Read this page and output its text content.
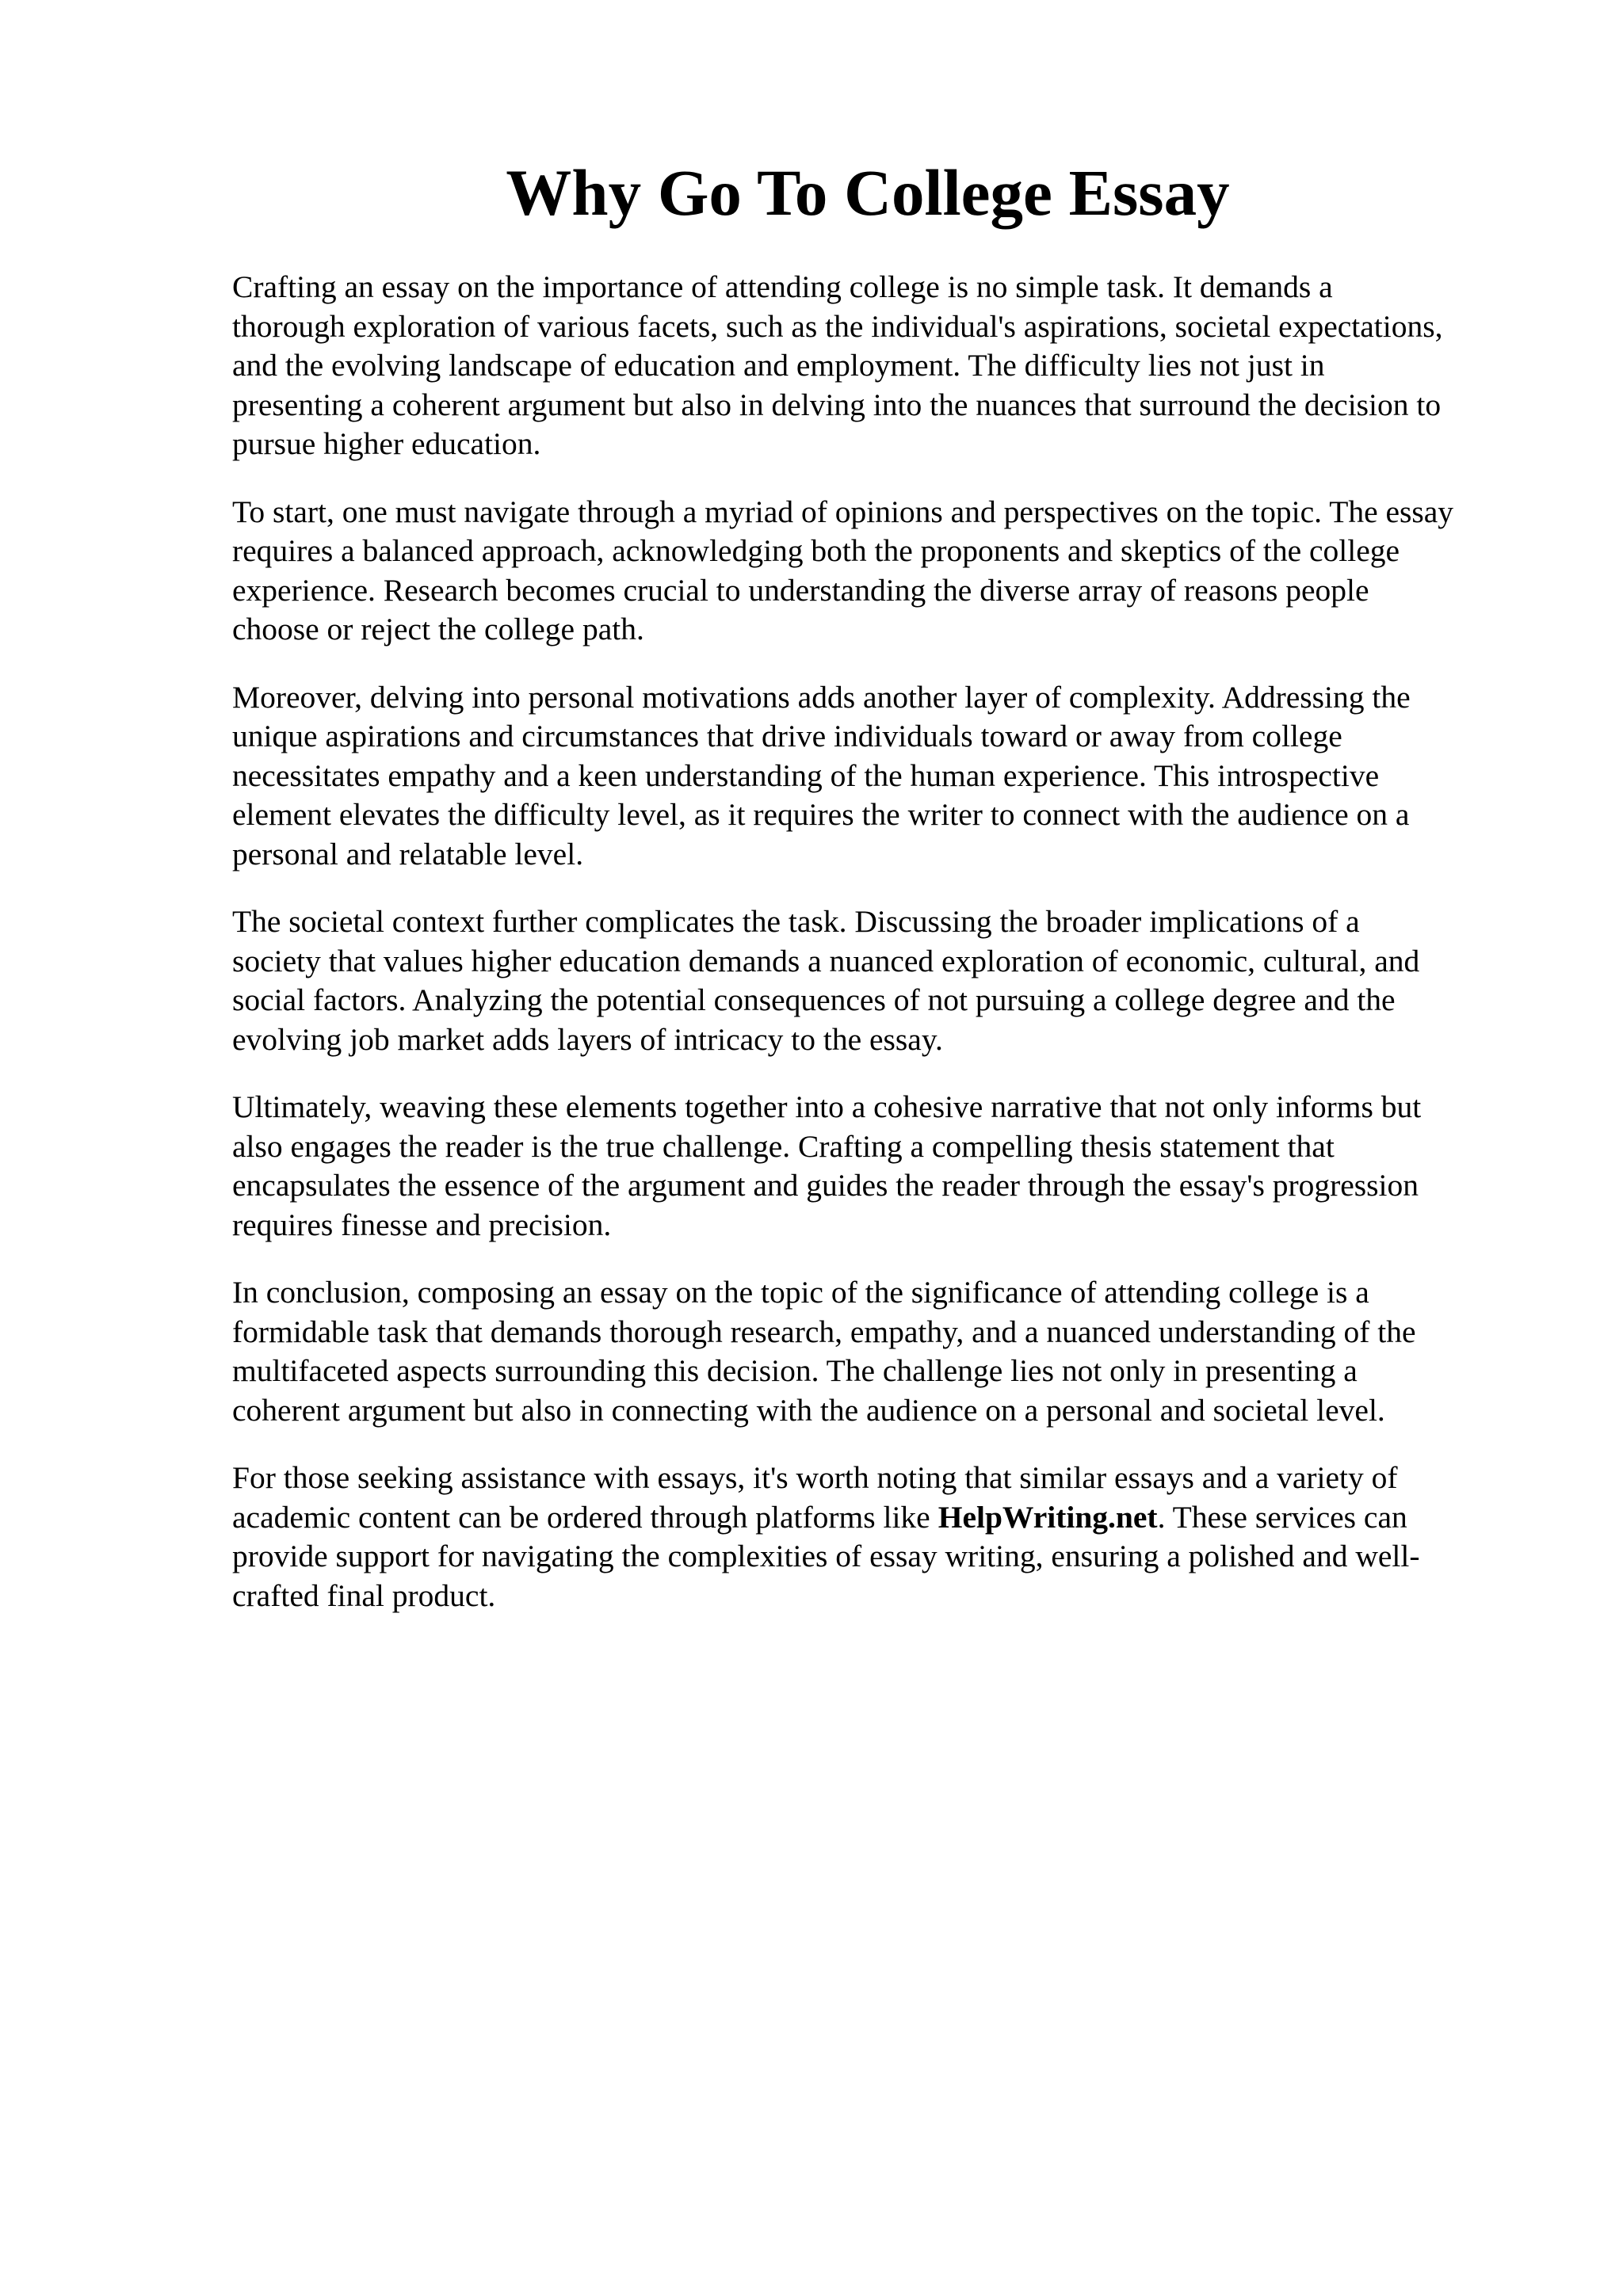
Why Go To College Essay

Crafting an essay on the importance of attending college is no simple task. It demands a
thorough exploration of various facets, such as the individual's aspirations, societal expectations,
and the evolving landscape of education and employment. The difficulty lies not just in
presenting a coherent argument but also in delving into the nuances that surround the decision to
pursue higher education.

To start, one must navigate through a myriad of opinions and perspectives on the topic. The essay
requires a balanced approach, acknowledging both the proponents and skeptics of the college
experience. Research becomes crucial to understanding the diverse array of reasons people
choose or reject the college path.

Moreover, delving into personal motivations adds another layer of complexity. Addressing the
unique aspirations and circumstances that drive individuals toward or away from college
necessitates empathy and a keen understanding of the human experience. This introspective
element elevates the difficulty level, as it requires the writer to connect with the audience on a
personal and relatable level.

The societal context further complicates the task. Discussing the broader implications of a
society that values higher education demands a nuanced exploration of economic, cultural, and
social factors. Analyzing the potential consequences of not pursuing a college degree and the
evolving job market adds layers of intricacy to the essay.

Ultimately, weaving these elements together into a cohesive narrative that not only informs but
also engages the reader is the true challenge. Crafting a compelling thesis statement that
encapsulates the essence of the argument and guides the reader through the essay's progression
requires finesse and precision.

In conclusion, composing an essay on the topic of the significance of attending college is a
formidable task that demands thorough research, empathy, and a nuanced understanding of the
multifaceted aspects surrounding this decision. The challenge lies not only in presenting a
coherent argument but also in connecting with the audience on a personal and societal level.

For those seeking assistance with essays, it's worth noting that similar essays and a variety of
academic content can be ordered through platforms like HelpWriting.net. These services can
provide support for navigating the complexities of essay writing, ensuring a polished and well-
crafted final product.
